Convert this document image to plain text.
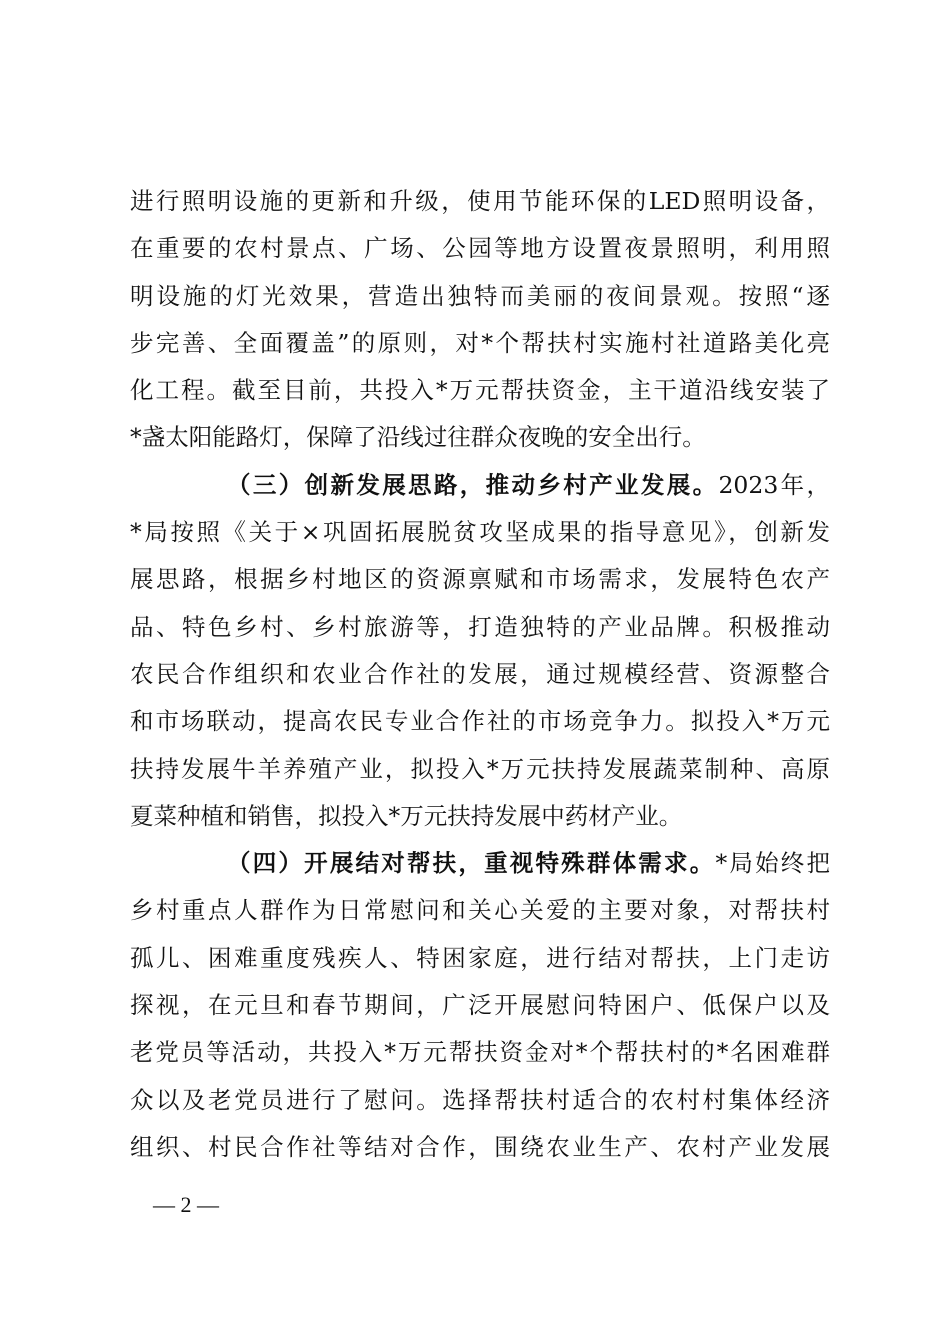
进行照明设施的更新和升级，使用节能环保的LED照明设备，
在重要的农村景点、广场、公园等地方设置夜景照明，利用照
明设施的灯光效果，营造出独特而美丽的夜间景观。按照“逐
步完善、全面覆盖”的原则，对*个帮扶村实施村社道路美化亮
化工程。截至目前，共投入*万元帮扶资金，主干道沿线安装了
*盏太阳能路灯，保障了沿线过往群众夜晚的安全出行。
（三）创新发展思路，推动乡村产业发展。2023年，
*局按照《关于×巩固拓展脱贫攻坚成果的指导意见》，创新发
展思路，根据乡村地区的资源禀赋和市场需求，发展特色农产
品、特色乡村、乡村旅游等，打造独特的产业品牌。积极推动
农民合作组织和农业合作社的发展，通过规模经营、资源整合
和市场联动，提高农民专业合作社的市场竞争力。拟投入*万元
扶持发展牛羊养殖产业，拟投入*万元扶持发展蔬菜制种、高原
夏菜种植和销售，拟投入*万元扶持发展中药材产业。
（四）开展结对帮扶，重视特殊群体需求。*局始终把
乡村重点人群作为日常慰问和关心关爱的主要对象，对帮扶村
孤儿、困难重度残疾人、特困家庭，进行结对帮扶，上门走访
探视，在元旦和春节期间，广泛开展慰问特困户、低保户以及
老党员等活动，共投入*万元帮扶资金对*个帮扶村的*名困难群
众以及老党员进行了慰问。选择帮扶村适合的农村村集体经济
组织、村民合作社等结对合作，围绕农业生产、农村产业发展
— 2 —
